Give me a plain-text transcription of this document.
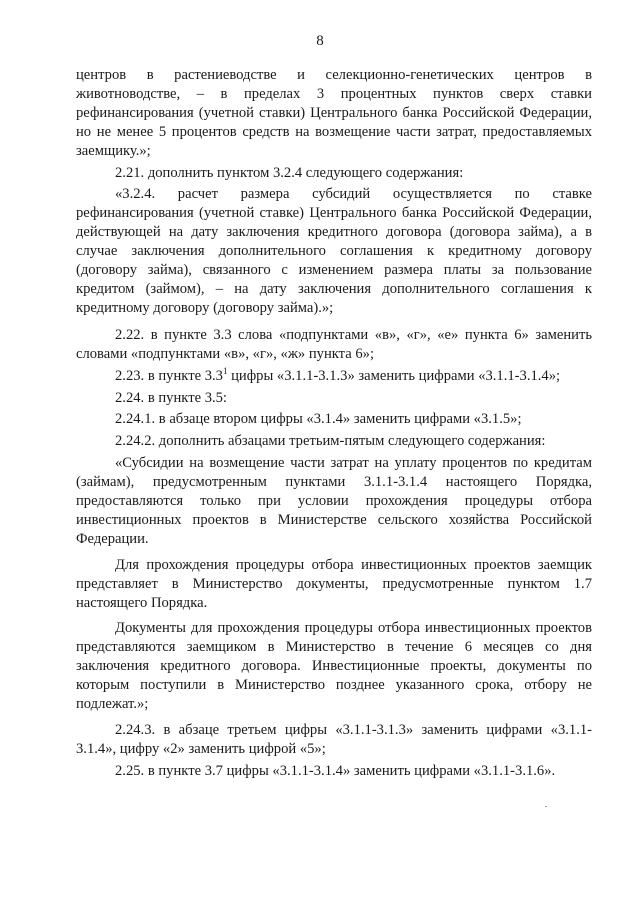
8

центров в растениеводстве и селекционно-генетических центров в животноводстве, – в пределах 3 процентных пунктов сверх ставки рефинансирования (учетной ставки) Центрального банка Российской Федерации, но не менее 5 процентов средств на возмещение части затрат, предоставляемых заемщику.»;

2.21. дополнить пунктом 3.2.4 следующего содержания:

«3.2.4. расчет размера субсидий осуществляется по ставке рефинансирования (учетной ставке) Центрального банка Российской Федерации, действующей на дату заключения кредитного договора (договора займа), а в случае заключения дополнительного соглашения к кредитному договору (договору займа), связанного с изменением размера платы за пользование кредитом (займом), – на дату заключения дополнительного соглашения к кредитному договору (договору займа).»;

2.22. в пункте 3.3 слова «подпунктами «в», «г», «е» пункта 6» заменить словами «подпунктами «в», «г», «ж» пункта 6»;

2.23. в пункте $3.3^1$ цифры «3.1.1-3.1.3» заменить цифрами «3.1.1-3.1.4»;

2.24. в пункте 3.5:

2.24.1. в абзаце втором цифры «3.1.4» заменить цифрами «3.1.5»;

2.24.2. дополнить абзацами третьим-пятым следующего содержания:

«Субсидии на возмещение части затрат на уплату процентов по кредитам (займам), предусмотренным пунктами 3.1.1-3.1.4 настоящего Порядка, предоставляются только при условии прохождения процедуры отбора инвестиционных проектов в Министерстве сельского хозяйства Российской Федерации.

Для прохождения процедуры отбора инвестиционных проектов заемщик представляет в Министерство документы, предусмотренные пунктом 1.7 настоящего Порядка.

Документы для прохождения процедуры отбора инвестиционных проектов представляются заемщиком в Министерство в течение 6 месяцев со дня заключения кредитного договора. Инвестиционные проекты, документы по которым поступили в Министерство позднее указанного срока, отбору не подлежат.»;

2.24.3. в абзаце третьем цифры «3.1.1-3.1.3» заменить цифрами «3.1.1-3.1.4», цифру «2» заменить цифрой «5»;

2.25. в пункте 3.7 цифры «3.1.1-3.1.4» заменить цифрами «3.1.1-3.1.6».
